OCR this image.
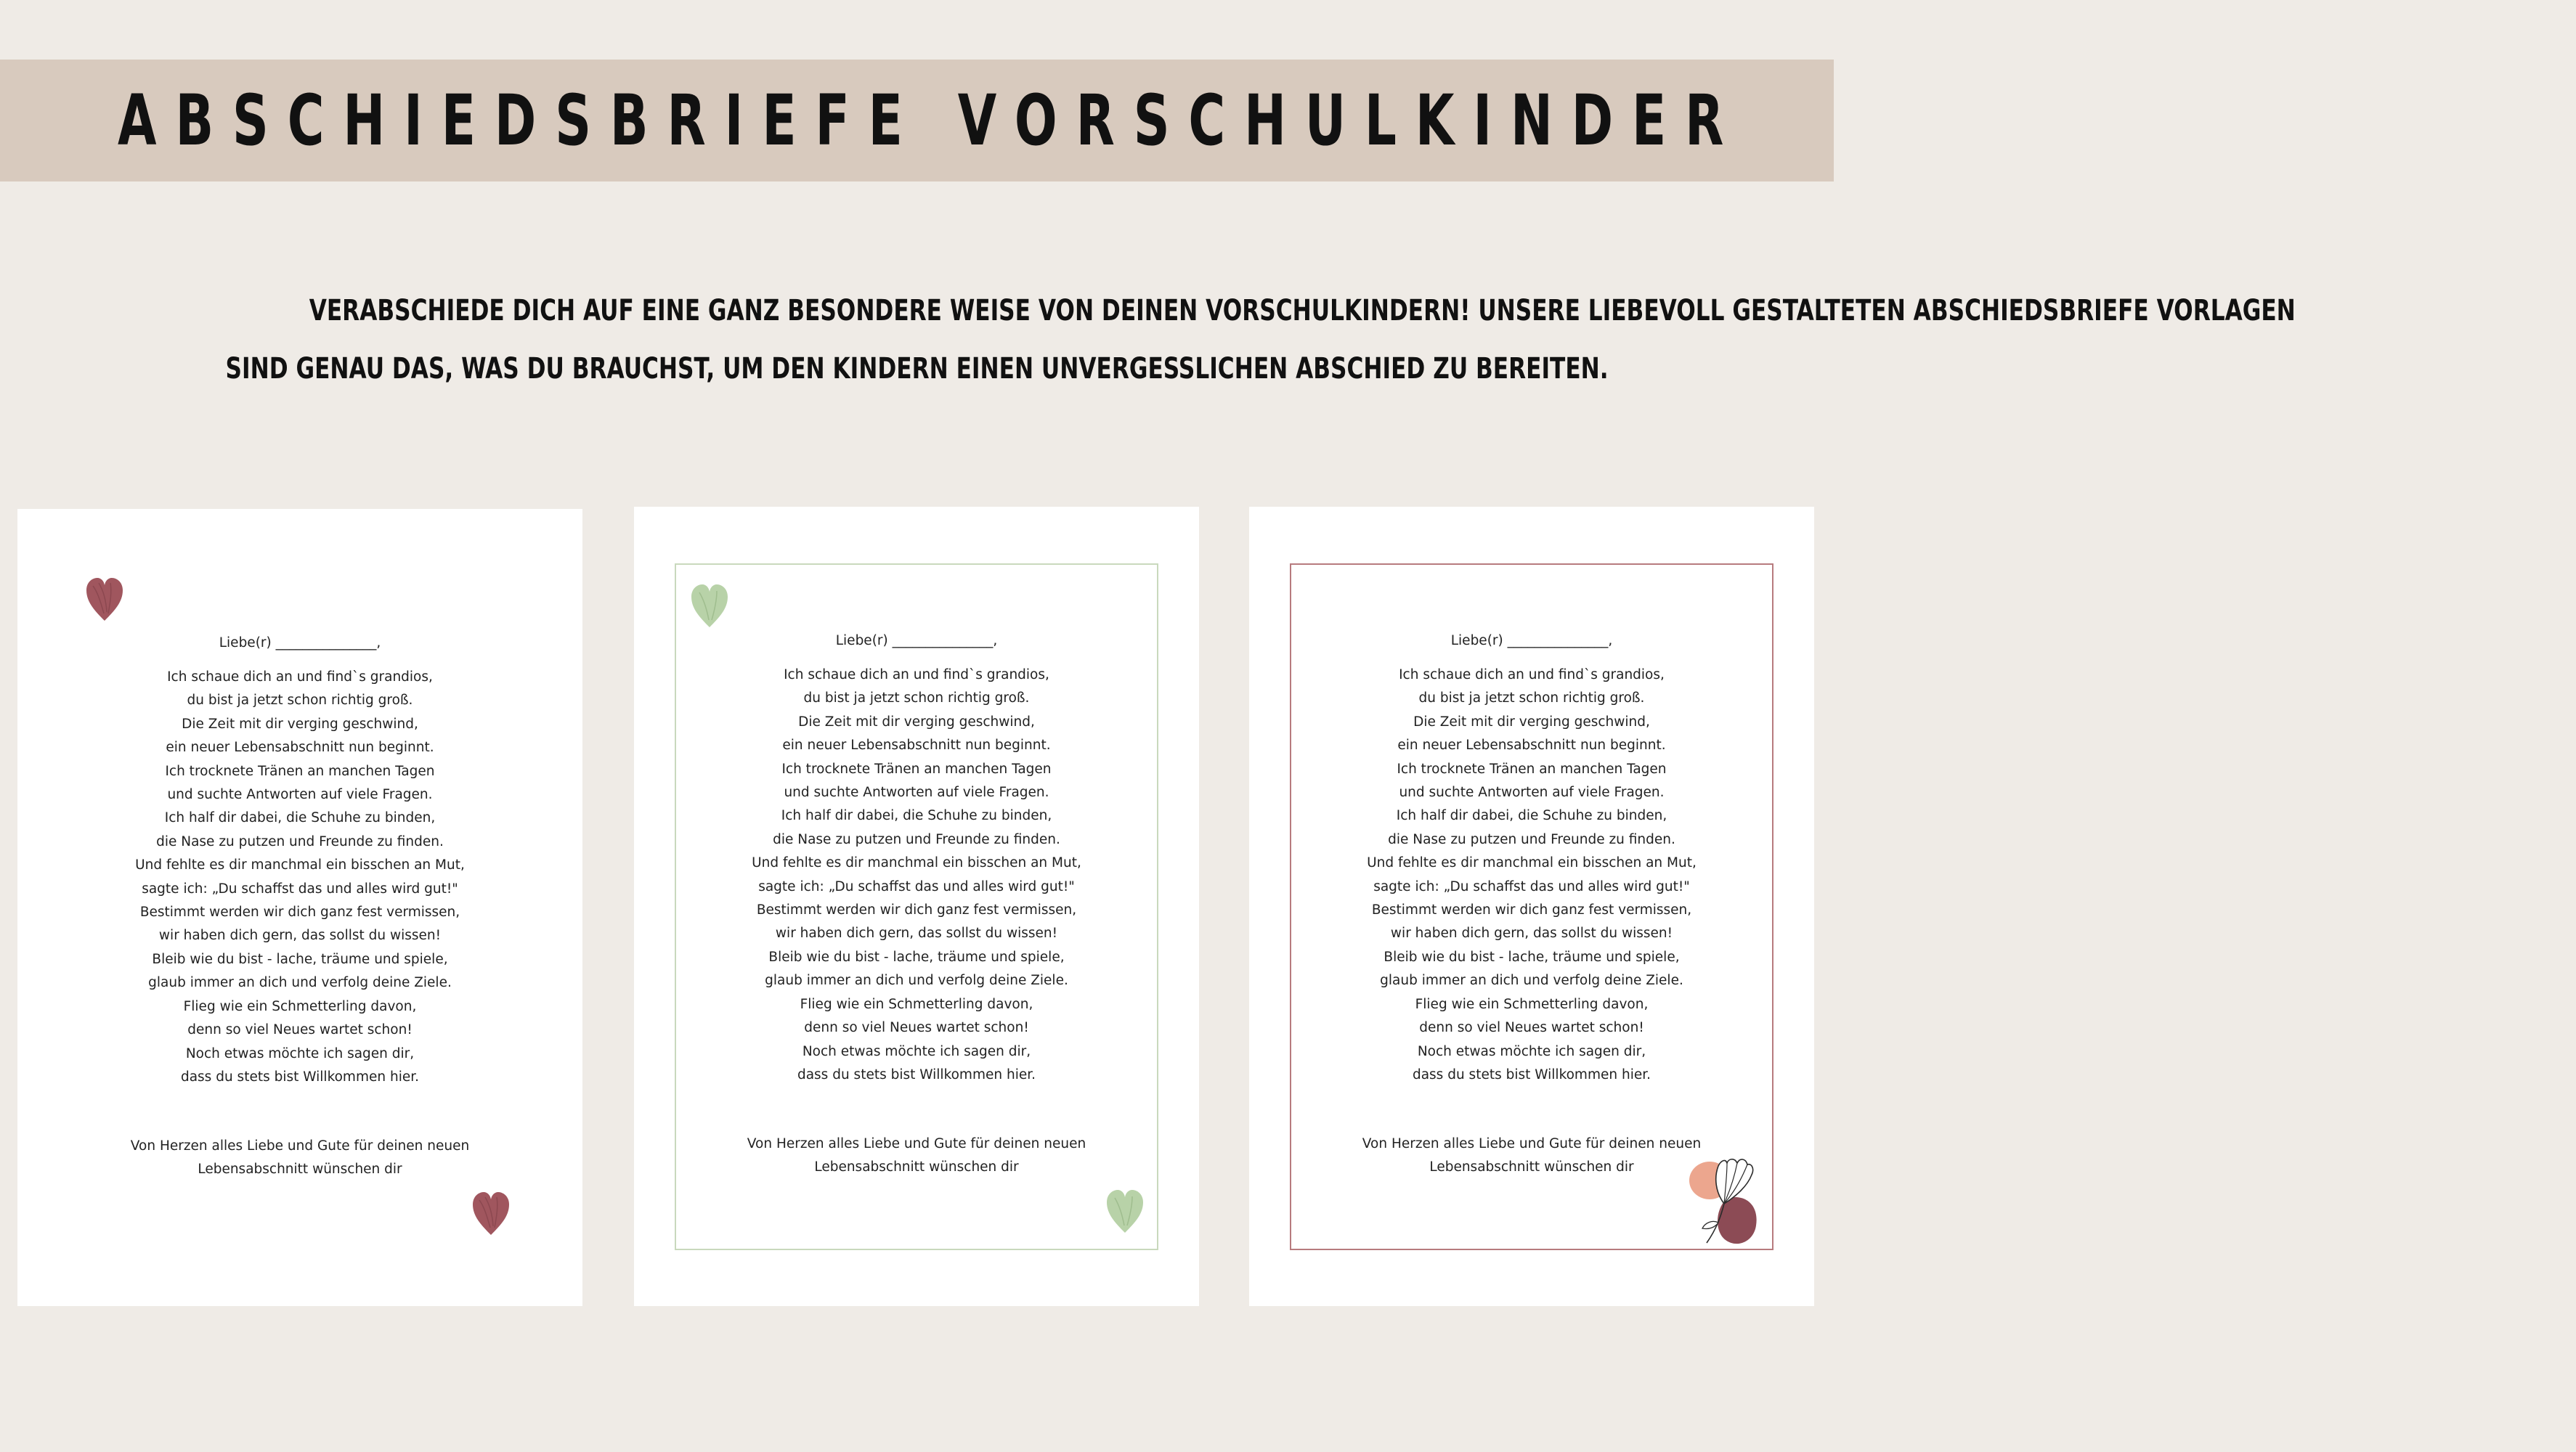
ABSCHIEDSBRIEFE VORSCHULKINDER
VERABSCHIEDE DICH AUF EINE GANZ BESONDERE WEISE VON DEINEN VORSCHULKINDERN! UNSERE LIEBEVOLL GESTALTETEN ABSCHIEDSBRIEFE VORLAGEN
SIND GENAU DAS, WAS DU BRAUCHST, UM DEN KINDERN EINEN UNVERGESSLICHEN ABSCHIED ZU BEREITEN.
Liebe(r) _______________,
Ich schaue dich an und find`s grandios,
du bist ja jetzt schon richtig groß.
Die Zeit mit dir verging geschwind,
ein neuer Lebensabschnitt nun beginnt.
Ich trocknete Tränen an manchen Tagen
und suchte Antworten auf viele Fragen.
Ich half dir dabei, die Schuhe zu binden,
die Nase zu putzen und Freunde zu finden.
Und fehlte es dir manchmal ein bisschen an Mut,
sagte ich: „Du schaffst das und alles wird gut!"
Bestimmt werden wir dich ganz fest vermissen,
wir haben dich gern, das sollst du wissen!
Bleib wie du bist - lache, träume und spiele,
glaub immer an dich und verfolg deine Ziele.
Flieg wie ein Schmetterling davon,
denn so viel Neues wartet schon!
Noch etwas möchte ich sagen dir,
dass du stets bist Willkommen hier.
Von Herzen alles Liebe und Gute für deinen neuen
Lebensabschnitt wünschen dir
Liebe(r) _______________,
Ich schaue dich an und find`s grandios,
du bist ja jetzt schon richtig groß.
Die Zeit mit dir verging geschwind,
ein neuer Lebensabschnitt nun beginnt.
Ich trocknete Tränen an manchen Tagen
und suchte Antworten auf viele Fragen.
Ich half dir dabei, die Schuhe zu binden,
die Nase zu putzen und Freunde zu finden.
Und fehlte es dir manchmal ein bisschen an Mut,
sagte ich: „Du schaffst das und alles wird gut!"
Bestimmt werden wir dich ganz fest vermissen,
wir haben dich gern, das sollst du wissen!
Bleib wie du bist - lache, träume und spiele,
glaub immer an dich und verfolg deine Ziele.
Flieg wie ein Schmetterling davon,
denn so viel Neues wartet schon!
Noch etwas möchte ich sagen dir,
dass du stets bist Willkommen hier.
Von Herzen alles Liebe und Gute für deinen neuen
Lebensabschnitt wünschen dir
Liebe(r) _______________,
Ich schaue dich an und find`s grandios,
du bist ja jetzt schon richtig groß.
Die Zeit mit dir verging geschwind,
ein neuer Lebensabschnitt nun beginnt.
Ich trocknete Tränen an manchen Tagen
und suchte Antworten auf viele Fragen.
Ich half dir dabei, die Schuhe zu binden,
die Nase zu putzen und Freunde zu finden.
Und fehlte es dir manchmal ein bisschen an Mut,
sagte ich: „Du schaffst das und alles wird gut!"
Bestimmt werden wir dich ganz fest vermissen,
wir haben dich gern, das sollst du wissen!
Bleib wie du bist - lache, träume und spiele,
glaub immer an dich und verfolg deine Ziele.
Flieg wie ein Schmetterling davon,
denn so viel Neues wartet schon!
Noch etwas möchte ich sagen dir,
dass du stets bist Willkommen hier.
Von Herzen alles Liebe und Gute für deinen neuen
Lebensabschnitt wünschen dir
